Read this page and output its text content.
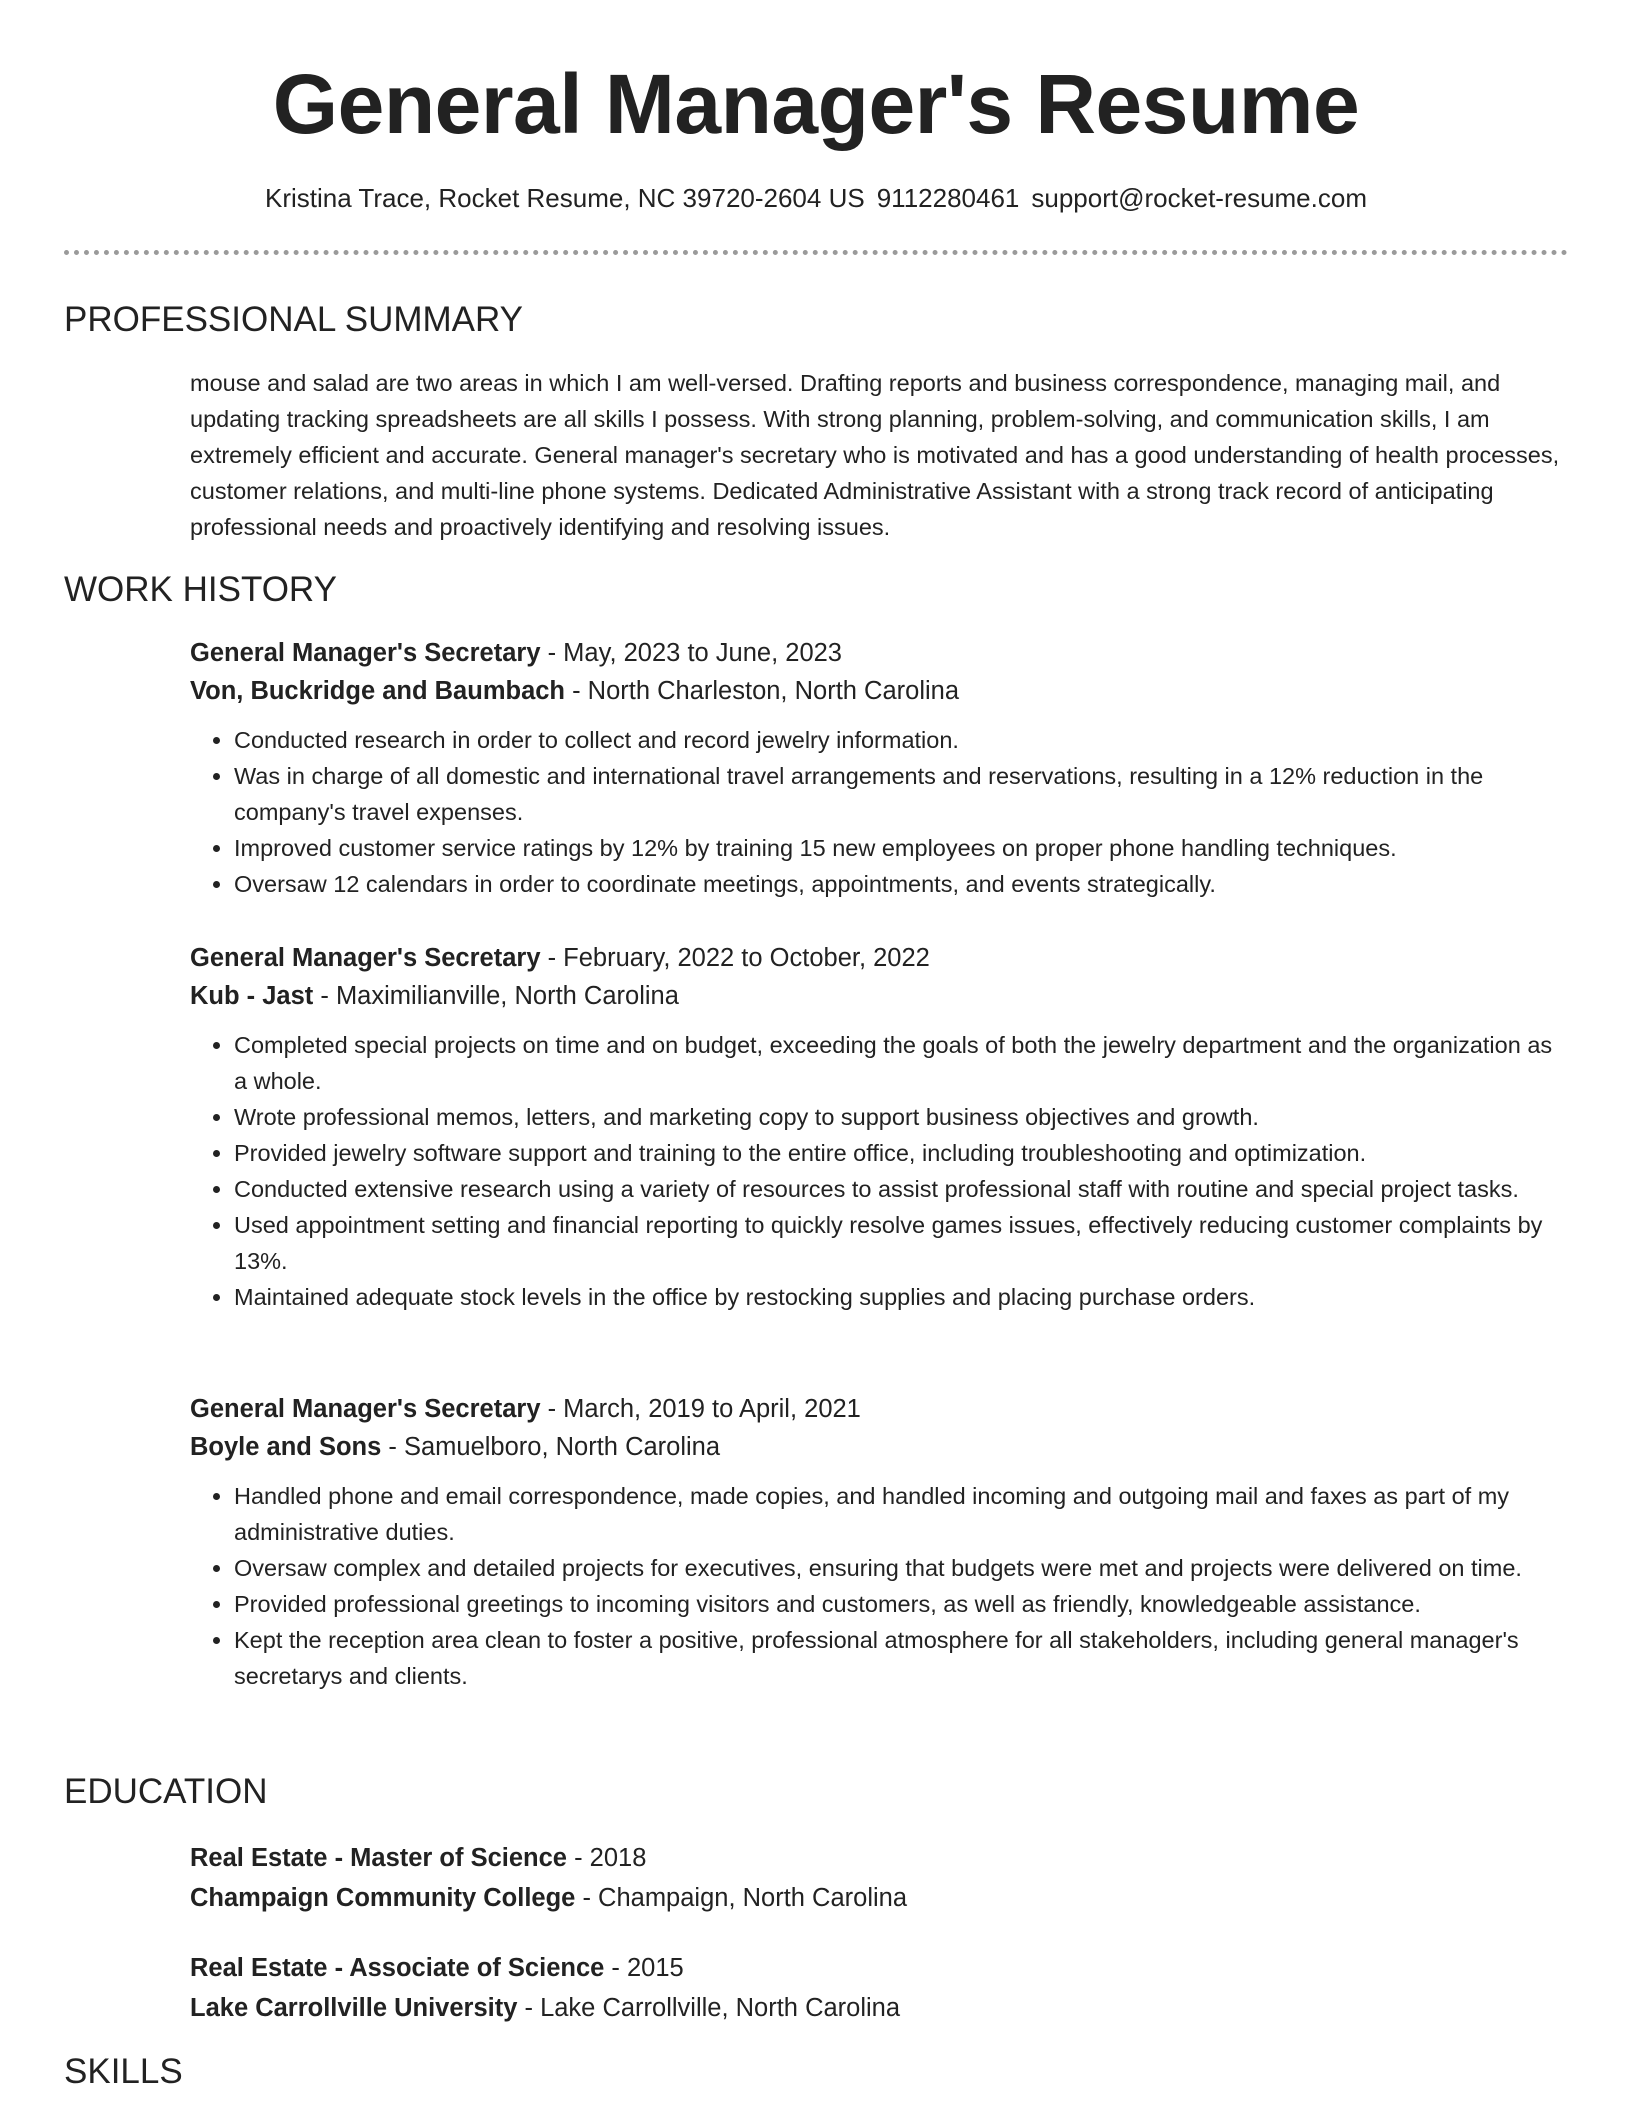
General Manager's Resume
Kristina Trace, Rocket Resume, NC 39720-2604 US 9112280461 support@rocket-resume.com
PROFESSIONAL SUMMARY
mouse and salad are two areas in which I am well-versed. Drafting reports and business correspondence, managing mail, and updating tracking spreadsheets are all skills I possess. With strong planning, problem-solving, and communication skills, I am extremely efficient and accurate. General manager's secretary who is motivated and has a good understanding of health processes, customer relations, and multi-line phone systems. Dedicated Administrative Assistant with a strong track record of anticipating professional needs and proactively identifying and resolving issues.
WORK HISTORY
General Manager's Secretary - May, 2023 to June, 2023
Von, Buckridge and Baumbach - North Charleston, North Carolina
• Conducted research in order to collect and record jewelry information.
• Was in charge of all domestic and international travel arrangements and reservations, resulting in a 12% reduction in the company's travel expenses.
• Improved customer service ratings by 12% by training 15 new employees on proper phone handling techniques.
• Oversaw 12 calendars in order to coordinate meetings, appointments, and events strategically.
General Manager's Secretary - February, 2022 to October, 2022
Kub - Jast - Maximilianville, North Carolina
• Completed special projects on time and on budget, exceeding the goals of both the jewelry department and the organization as a whole.
• Wrote professional memos, letters, and marketing copy to support business objectives and growth.
• Provided jewelry software support and training to the entire office, including troubleshooting and optimization.
• Conducted extensive research using a variety of resources to assist professional staff with routine and special project tasks.
• Used appointment setting and financial reporting to quickly resolve games issues, effectively reducing customer complaints by 13%.
• Maintained adequate stock levels in the office by restocking supplies and placing purchase orders.
General Manager's Secretary - March, 2019 to April, 2021
Boyle and Sons - Samuelboro, North Carolina
• Handled phone and email correspondence, made copies, and handled incoming and outgoing mail and faxes as part of my administrative duties.
• Oversaw complex and detailed projects for executives, ensuring that budgets were met and projects were delivered on time.
• Provided professional greetings to incoming visitors and customers, as well as friendly, knowledgeable assistance.
• Kept the reception area clean to foster a positive, professional atmosphere for all stakeholders, including general manager's secretarys and clients.
EDUCATION
Real Estate - Master of Science - 2018
Champaign Community College - Champaign, North Carolina
Real Estate - Associate of Science - 2015
Lake Carrollville University - Lake Carrollville, North Carolina
SKILLS
